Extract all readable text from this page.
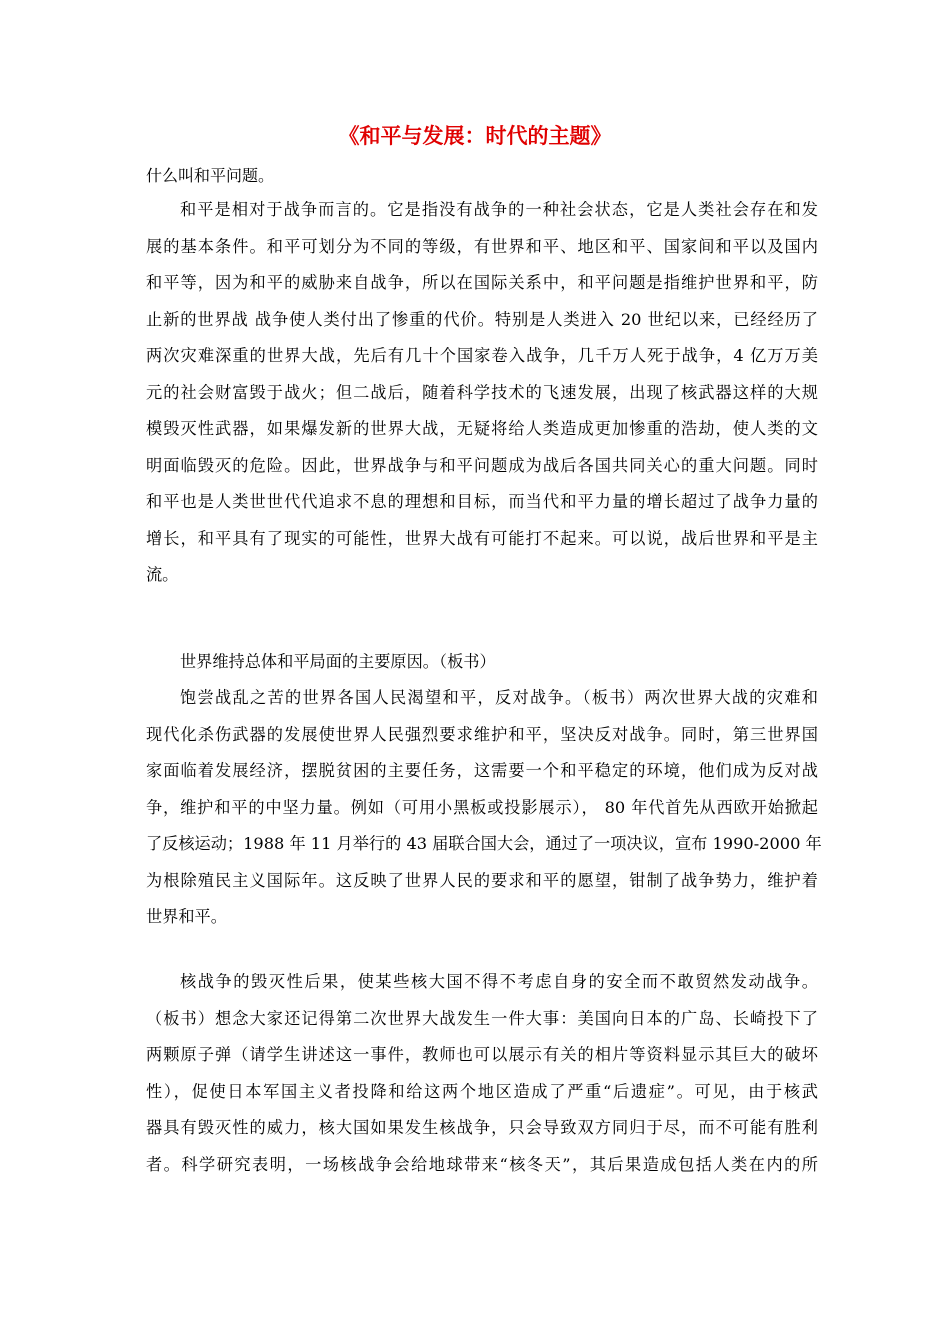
《和平与发展：时代的主题》
什么叫和平问题。
和平是相对于战争而言的。它是指没有战争的一种社会状态，它是人类社会存在和发
展的基本条件。和平可划分为不同的等级，有世界和平、地区和平、国家间和平以及国内
和平等，因为和平的威胁来自战争，所以在国际关系中，和平问题是指维护世界和平，防
止新的世界战 战争使人类付出了惨重的代价。特别是人类进入 20 世纪以来，已经经历了
两次灾难深重的世界大战，先后有几十个国家卷入战争，几千万人死于战争，4 亿万万美
元的社会财富毁于战火；但二战后，随着科学技术的飞速发展，出现了核武器这样的大规
模毁灭性武器，如果爆发新的世界大战，无疑将给人类造成更加惨重的浩劫，使人类的文
明面临毁灭的危险。因此，世界战争与和平问题成为战后各国共同关心的重大问题。同时
和平也是人类世世代代追求不息的理想和目标，而当代和平力量的增长超过了战争力量的
增长，和平具有了现实的可能性，世界大战有可能打不起来。可以说，战后世界和平是主
流。
世界维持总体和平局面的主要原因。（板书）
饱尝战乱之苦的世界各国人民渴望和平，反对战争。（板书）两次世界大战的灾难和
现代化杀伤武器的发展使世界人民强烈要求维护和平，坚决反对战争。同时，第三世界国
家面临着发展经济，摆脱贫困的主要任务，这需要一个和平稳定的环境，他们成为反对战
争，维护和平的中坚力量。例如（可用小黑板或投影展示）， 80 年代首先从西欧开始掀起
了反核运动；1988 年 11 月举行的 43 届联合国大会，通过了一项决议，宣布 1990-2000 年
为根除殖民主义国际年。这反映了世界人民的要求和平的愿望，钳制了战争势力，维护着
世界和平。
核战争的毁灭性后果，使某些核大国不得不考虑自身的安全而不敢贸然发动战争。
（板书）想念大家还记得第二次世界大战发生一件大事：美国向日本的广岛、长崎投下了
两颗原子弹（请学生讲述这一事件，教师也可以展示有关的相片等资料显示其巨大的破坏
性），促使日本军国主义者投降和给这两个地区造成了严重“后遗症”。可见，由于核武
器具有毁灭性的威力，核大国如果发生核战争，只会导致双方同归于尽，而不可能有胜利
者。科学研究表明，一场核战争会给地球带来“核冬天”，其后果造成包括人类在内的所
